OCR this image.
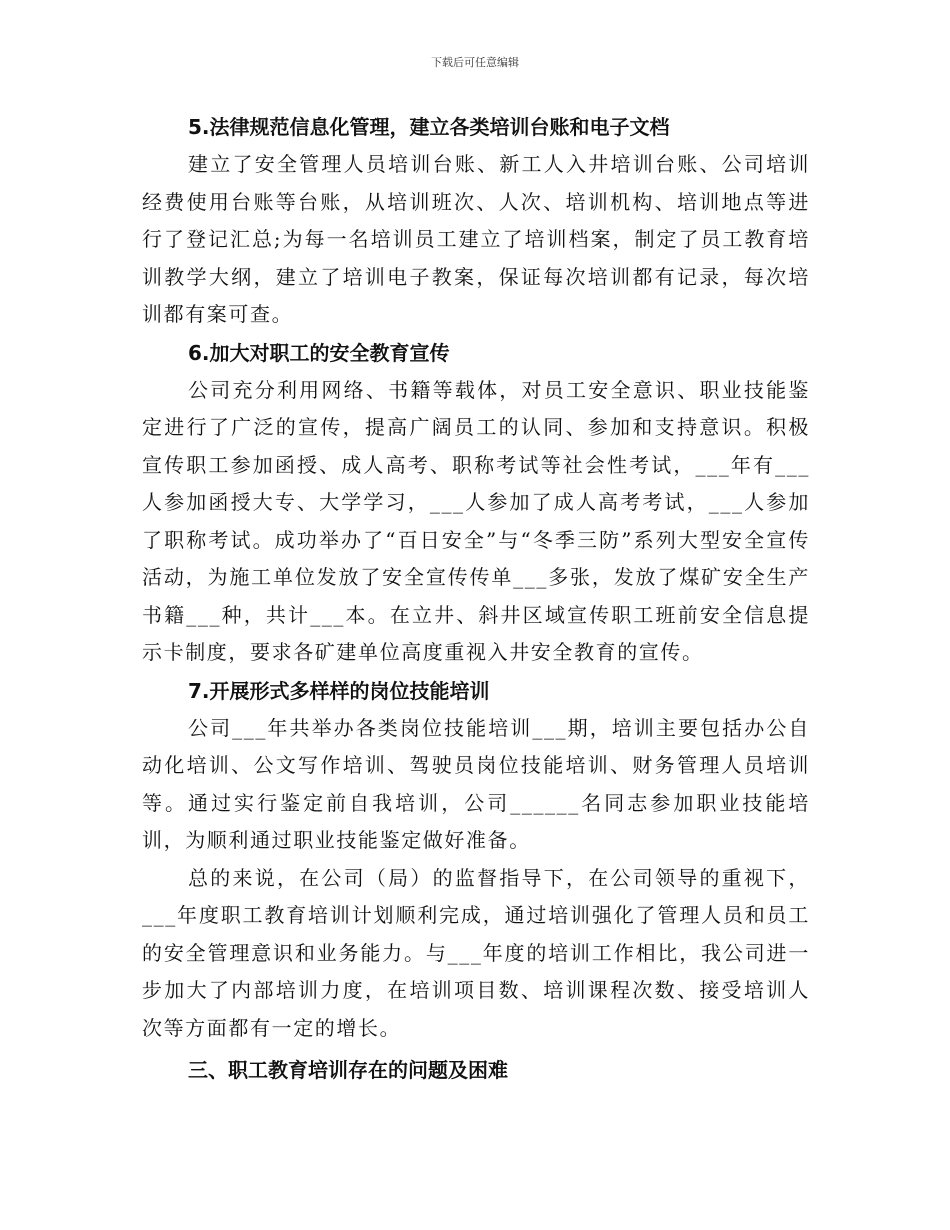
下载后可任意编辑
5.法律规范信息化管理，建立各类培训台账和电子文档

建立了安全管理人员培训台账、新工人入井培训台账、公司培训经费使用台账等台账，从培训班次、人次、培训机构、培训地点等进行了登记汇总;为每一名培训员工建立了培训档案，制定了员工教育培训教学大纲，建立了培训电子教案，保证每次培训都有记录，每次培训都有案可查。

6.加大对职工的安全教育宣传

公司充分利用网络、书籍等载体，对员工安全意识、职业技能鉴定进行了广泛的宣传，提高广阔员工的认同、参加和支持意识。积极宣传职工参加函授、成人高考、职称考试等社会性考试，___年有___人参加函授大专、大学学习，___人参加了成人高考考试，___人参加了职称考试。成功举办了“百日安全”与“冬季三防”系列大型安全宣传活动，为施工单位发放了安全宣传传单___多张，发放了煤矿安全生产书籍___种，共计___本。在立井、斜井区域宣传职工班前安全信息提示卡制度，要求各矿建单位高度重视入井安全教育的宣传。

7.开展形式多样样的岗位技能培训

公司___年共举办各类岗位技能培训___期，培训主要包括办公自动化培训、公文写作培训、驾驶员岗位技能培训、财务管理人员培训等。通过实行鉴定前自我培训，公司______名同志参加职业技能培训，为顺利通过职业技能鉴定做好准备。

总的来说，在公司（局）的监督指导下，在公司领导的重视下，___年度职工教育培训计划顺利完成，通过培训强化了管理人员和员工的安全管理意识和业务能力。与___年度的培训工作相比，我公司进一步加大了内部培训力度，在培训项目数、培训课程次数、接受培训人次等方面都有一定的增长。

三、职工教育培训存在的问题及困难
